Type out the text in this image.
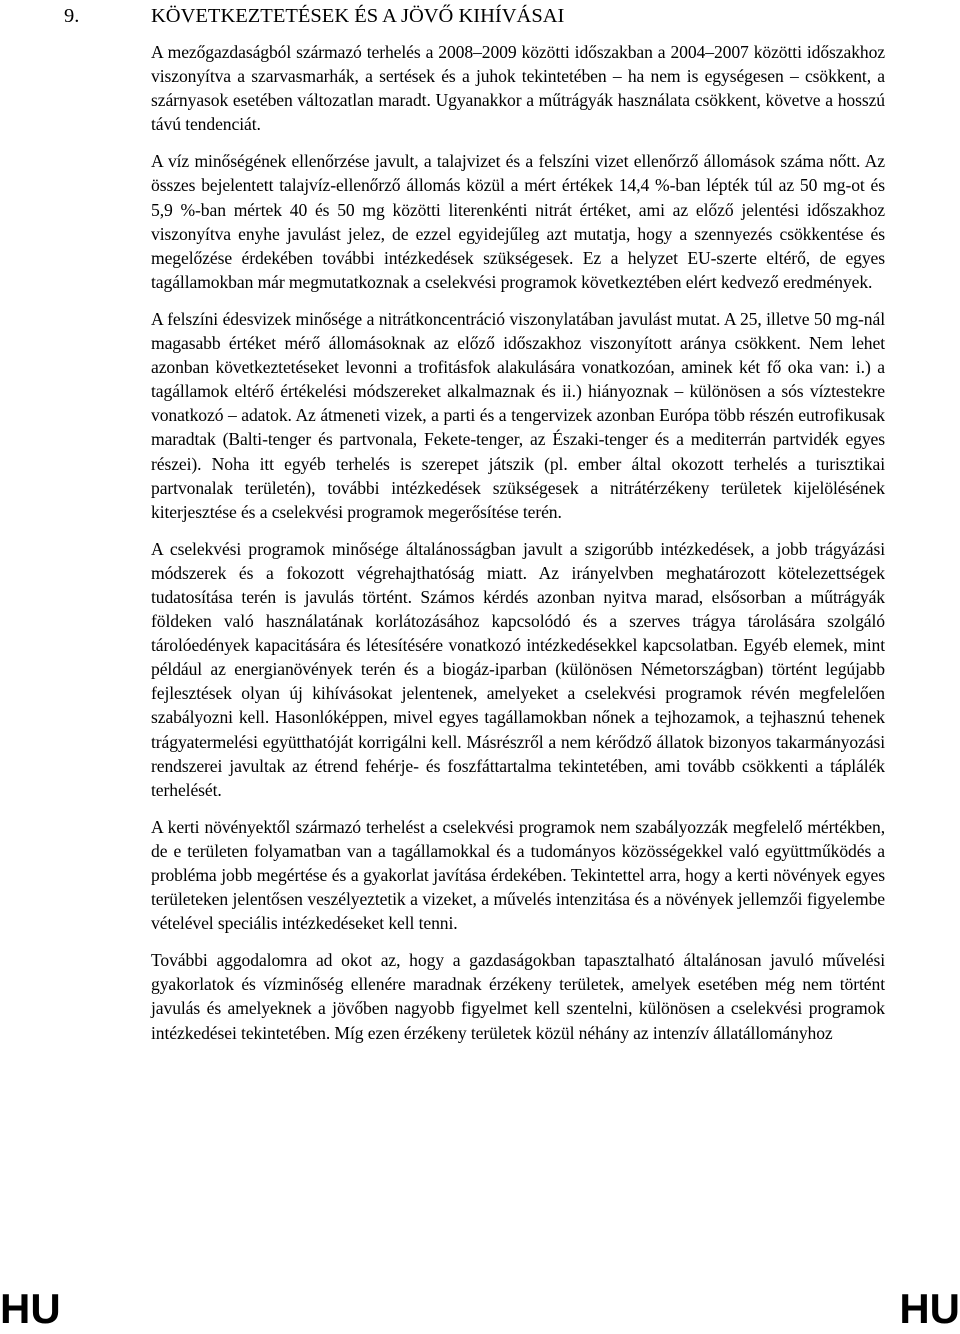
9.	KÖVETKEZTETÉSEK ÉS A JÖVŐ KIHÍVÁSAI

A mezőgazdaságból származó terhelés a 2008–2009 közötti időszakban a 2004–2007 közötti időszakhoz viszonyítva a szarvasmarhák, a sertések és a juhok tekintetében – ha nem is egységesen – csökkent, a szárnyasok esetében változatlan maradt. Ugyanakkor a műtrágyák használata csökkent, követve a hosszú távú tendenciát.

A víz minőségének ellenőrzése javult, a talajvizet és a felszíni vizet ellenőrző állomások száma nőtt. Az összes bejelentett talajvíz-ellenőrző állomás közül a mért értékek 14,4 %-ban lépték túl az 50 mg-ot és 5,9 %-ban mértek 40 és 50 mg közötti literenkénti nitrát értéket, ami az előző jelentési időszakhoz viszonyítva enyhe javulást jelez, de ezzel egyidejűleg azt mutatja, hogy a szennyezés csökkentése és megelőzése érdekében további intézkedések szükségesek. Ez a helyzet EU-szerte eltérő, de egyes tagállamokban már megmutatkoznak a cselekvési programok következtében elért kedvező eredmények.

A felszíni édesvizek minősége a nitrátkoncentráció viszonylatában javulást mutat. A 25, illetve 50 mg-nál magasabb értéket mérő állomásoknak az előző időszakhoz viszonyított aránya csökkent. Nem lehet azonban következtetéseket levonni a trofitásfok alakulására vonatkozóan, aminek két fő oka van: i.) a tagállamok eltérő értékelési módszereket alkalmaznak és ii.) hiányoznak – különösen a sós víztestekre vonatkozó – adatok. Az átmeneti vizek, a parti és a tengervizek azonban Európa több részén eutrofikusak maradtak (Balti-tenger és partvonala, Fekete-tenger, az Északi-tenger és a mediterrán partvidék egyes részei). Noha itt egyéb terhelés is szerepet játszik (pl. ember által okozott terhelés a turisztikai partvonalak területén), további intézkedések szükségesek a nitrátérzékeny területek kijelölésének kiterjesztése és a cselekvési programok megerősítése terén.

A cselekvési programok minősége általánosságban javult a szigorúbb intézkedések, a jobb trágyázási módszerek és a fokozott végrehajthatóság miatt. Az irányelvben meghatározott kötelezettségek tudatosítása terén is javulás történt. Számos kérdés azonban nyitva marad, elsősorban a műtrágyák földeken való használatának korlátozásához kapcsolódó és a szerves trágya tárolására szolgáló tárolóedények kapacitására és létesítésére vonatkozó intézkedésekkel kapcsolatban. Egyéb elemek, mint például az energianövények terén és a biogáz-iparban (különösen Németországban) történt legújabb fejlesztések olyan új kihívásokat jelentenek, amelyeket a cselekvési programok révén megfelelően szabályozni kell. Hasonlóképpen, mivel egyes tagállamokban nőnek a tejhozamok, a tejhasznú tehenek trágyatermelési együtthatóját korrigálni kell. Másrészről a nem kérődző állatok bizonyos takarmányozási rendszerei javultak az étrend fehérje- és foszfáttartalma tekintetében, ami tovább csökkenti a táplálék terhelését.

A kerti növényektől származó terhelést a cselekvési programok nem szabályozzák megfelelő mértékben, de e területen folyamatban van a tagállamokkal és a tudományos közösségekkel való együttműködés a probléma jobb megértése és a gyakorlat javítása érdekében. Tekintettel arra, hogy a kerti növények egyes területeken jelentősen veszélyeztetik a vizeket, a művelés intenzitása és a növények jellemzői figyelembe vételével speciális intézkedéseket kell tenni.

További aggodalomra ad okot az, hogy a gazdaságokban tapasztalható általánosan javuló művelési gyakorlatok és vízminőség ellenére maradnak érzékeny területek, amelyek esetében még nem történt javulás és amelyeknek a jövőben nagyobb figyelmet kell szentelni, különösen a cselekvési programok intézkedései tekintetében. Míg ezen érzékeny területek közül néhány az intenzív állatállományhoz

HU	HU
